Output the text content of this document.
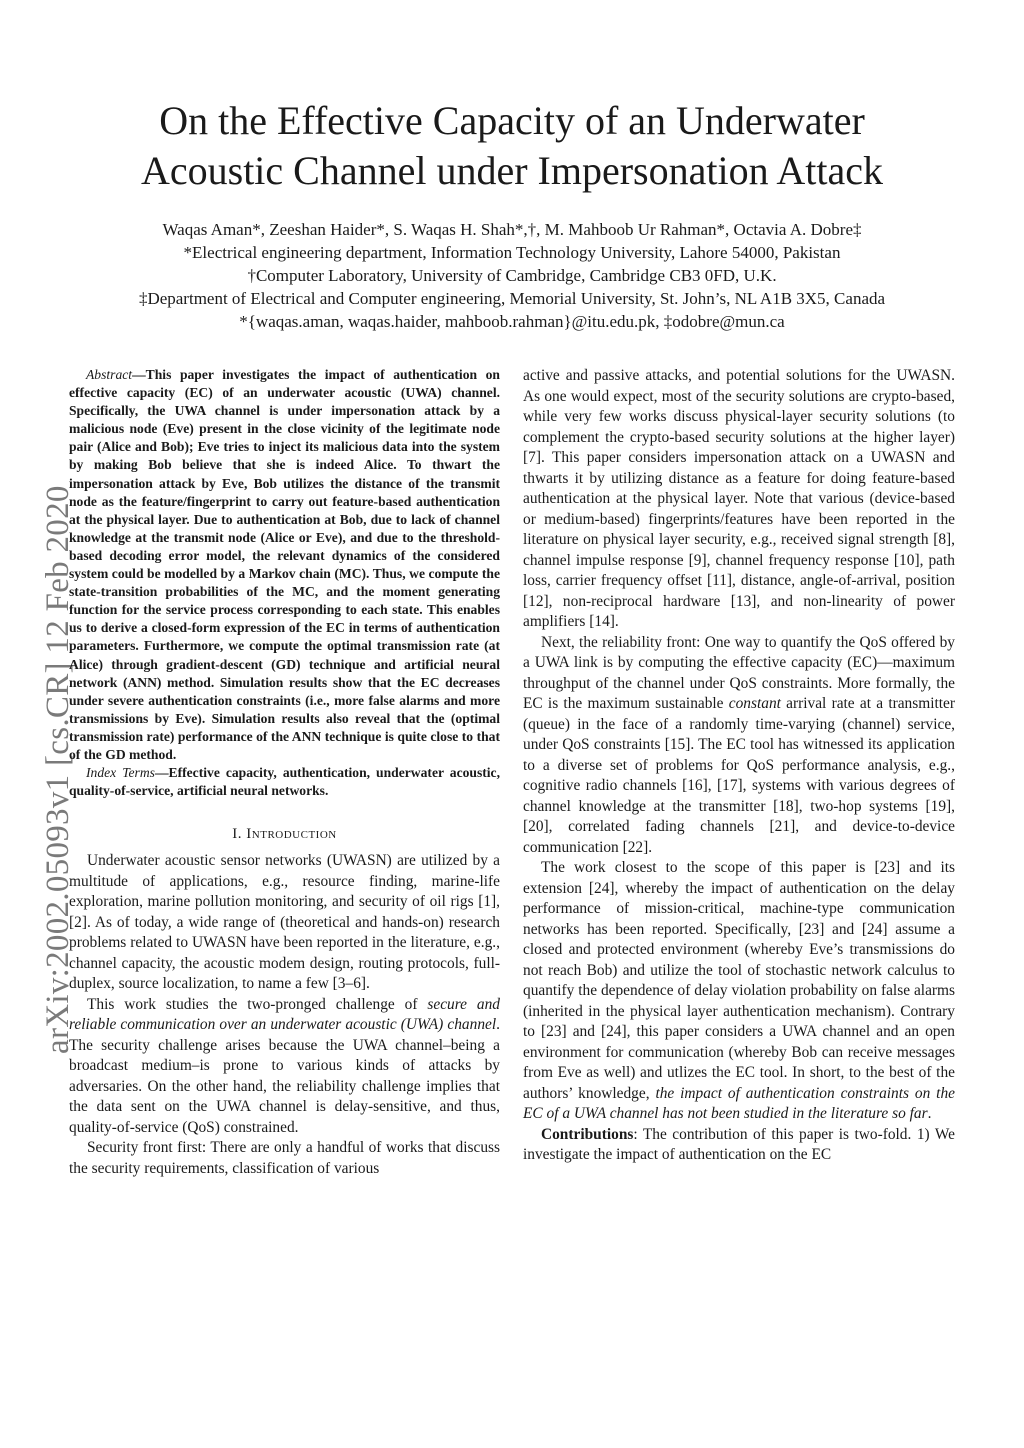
On the Effective Capacity of an Underwater
Acoustic Channel under Impersonation Attack
Waqas Aman*, Zeeshan Haider*, S. Waqas H. Shah*,†, M. Mahboob Ur Rahman*, Octavia A. Dobre‡
*Electrical engineering department, Information Technology University, Lahore 54000, Pakistan
†Computer Laboratory, University of Cambridge, Cambridge CB3 0FD, U.K.
‡Department of Electrical and Computer engineering, Memorial University, St. John’s, NL A1B 3X5, Canada
*{waqas.aman, waqas.haider, mahboob.rahman}@itu.edu.pk, ‡odobre@mun.ca
arXiv:2002.05093v1 [cs.CR] 12 Feb 2020

Abstract—This paper investigates the impact of authentication on effective capacity (EC) of an underwater acoustic (UWA) channel. Specifically, the UWA channel is under impersonation attack by a malicious node (Eve) present in the close vicinity of the legitimate node pair (Alice and Bob); Eve tries to inject its malicious data into the system by making Bob believe that she is indeed Alice. To thwart the impersonation attack by Eve, Bob utilizes the distance of the transmit node as the feature/fingerprint to carry out feature-based authentication at the physical layer. Due to authentication at Bob, due to lack of channel knowledge at the transmit node (Alice or Eve), and due to the threshold-based decoding error model, the relevant dynamics of the considered system could be modelled by a Markov chain (MC). Thus, we compute the state-transition probabilities of the MC, and the moment generating function for the service process corresponding to each state. This enables us to derive a closed-form expression of the EC in terms of authentication parameters. Furthermore, we compute the optimal transmission rate (at Alice) through gradient-descent (GD) technique and artificial neural network (ANN) method. Simulation results show that the EC decreases under severe authentication constraints (i.e., more false alarms and more transmissions by Eve). Simulation results also reveal that the (optimal transmission rate) performance of the ANN technique is quite close to that of the GD method.

Index Terms—Effective capacity, authentication, underwater acoustic, quality-of-service, artificial neural networks.

I. Introduction

Underwater acoustic sensor networks (UWASN) are utilized by a multitude of applications, e.g., resource finding, marine-life exploration, marine pollution monitoring, and security of oil rigs [1], [2]. As of today, a wide range of (theoretical and hands-on) research problems related to UWASN have been reported in the literature, e.g., channel capacity, the acoustic modem design, routing protocols, full-duplex, source localization, to name a few [3–6].

This work studies the two-pronged challenge of secure and reliable communication over an underwater acoustic (UWA) channel. The security challenge arises because the UWA channel–being a broadcast medium–is prone to various kinds of attacks by adversaries. On the other hand, the reliability challenge implies that the data sent on the UWA channel is delay-sensitive, and thus, quality-of-service (QoS) constrained.

Security front first: There are only a handful of works that discuss the security requirements, classification of various

active and passive attacks, and potential solutions for the UWASN. As one would expect, most of the security solutions are crypto-based, while very few works discuss physical-layer security solutions (to complement the crypto-based security solutions at the higher layer) [7]. This paper considers impersonation attack on a UWASN and thwarts it by utilizing distance as a feature for doing feature-based authentication at the physical layer. Note that various (device-based or medium-based) fingerprints/features have been reported in the literature on physical layer security, e.g., received signal strength [8], channel impulse response [9], channel frequency response [10], path loss, carrier frequency offset [11], distance, angle-of-arrival, position [12], non-reciprocal hardware [13], and non-linearity of power amplifiers [14].

Next, the reliability front: One way to quantify the QoS offered by a UWA link is by computing the effective capacity (EC)—maximum throughput of the channel under QoS constraints. More formally, the EC is the maximum sustainable constant arrival rate at a transmitter (queue) in the face of a randomly time-varying (channel) service, under QoS constraints [15]. The EC tool has witnessed its application to a diverse set of problems for QoS performance analysis, e.g., cognitive radio channels [16], [17], systems with various degrees of channel knowledge at the transmitter [18], two-hop systems [19], [20], correlated fading channels [21], and device-to-device communication [22].

The work closest to the scope of this paper is [23] and its extension [24], whereby the impact of authentication on the delay performance of mission-critical, machine-type communication networks has been reported. Specifically, [23] and [24] assume a closed and protected environment (whereby Eve’s transmissions do not reach Bob) and utilize the tool of stochastic network calculus to quantify the dependence of delay violation probability on false alarms (inherited in the physical layer authentication mechanism). Contrary to [23] and [24], this paper considers a UWA channel and an open environment for communication (whereby Bob can receive messages from Eve as well) and utlizes the EC tool. In short, to the best of the authors’ knowledge, the impact of authentication constraints on the EC of a UWA channel has not been studied in the literature so far.

Contributions: The contribution of this paper is two-fold. 1) We investigate the impact of authentication on the EC
